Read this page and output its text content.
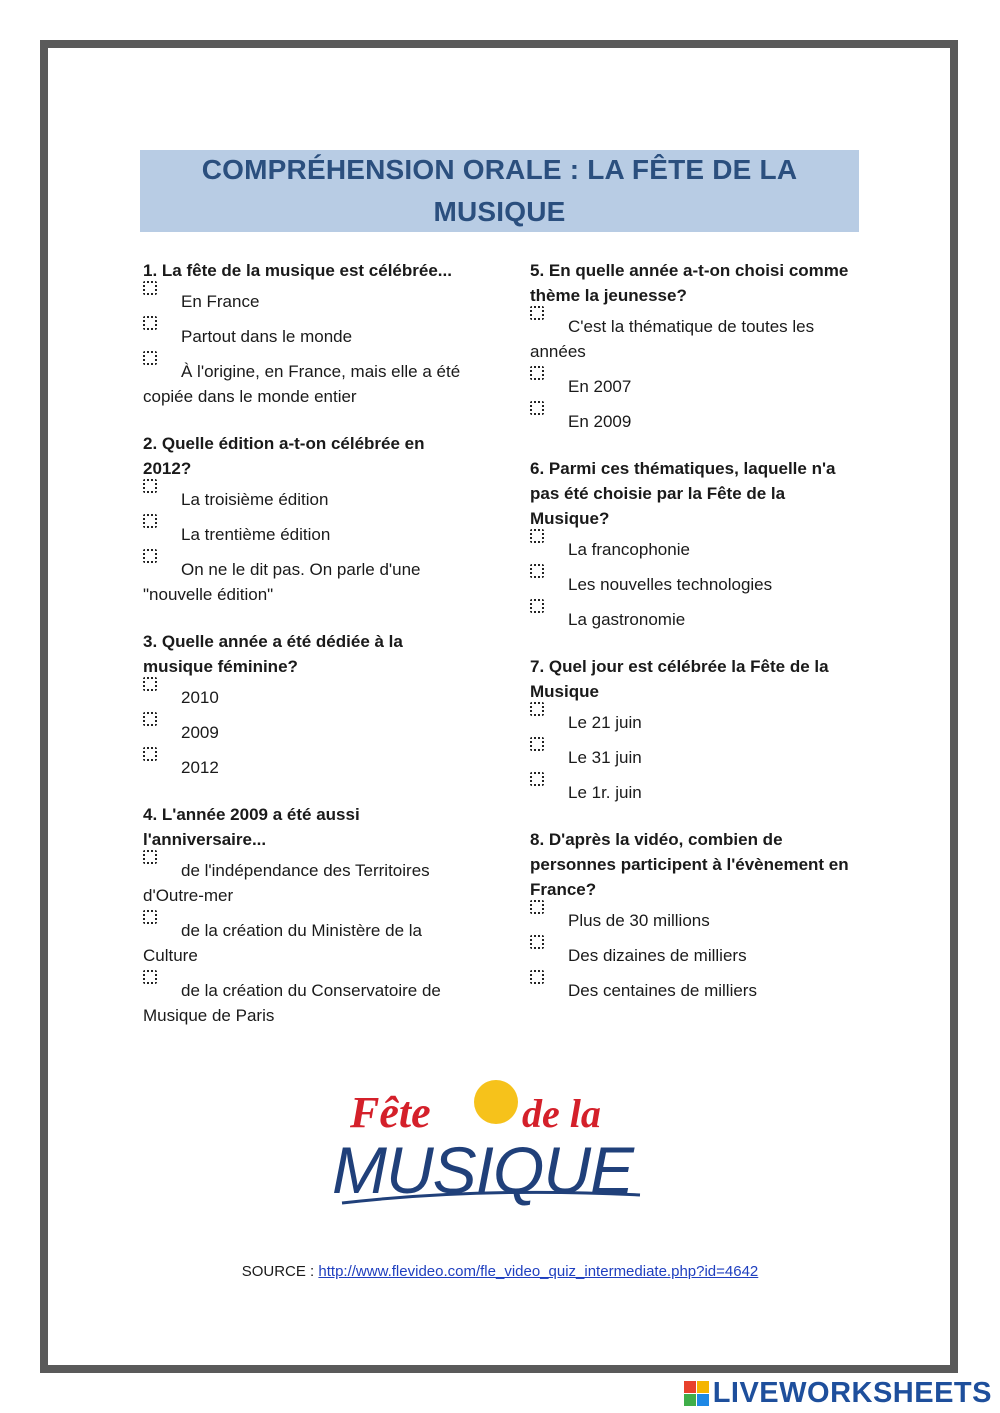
COMPRÉHENSION ORALE : LA FÊTE DE LA MUSIQUE

1. La fête de la musique est célébrée...

En France
Partout dans le monde
À l'origine, en France, mais elle a été copiée dans le monde entier

2. Quelle édition a-t-on célébrée en 2012?

La troisième édition
La trentième édition
On ne le dit pas. On parle d'une "nouvelle édition"

3. Quelle année a été dédiée à la musique féminine?

2010
2009
2012

4. L'année 2009 a été aussi l'anniversaire...

de l'indépendance des Territoires d'Outre-mer
de la création du Ministère de la Culture
de la création du Conservatoire de Musique de Paris

5. En quelle année a-t-on choisi comme thème la jeunesse?

C'est la thématique de toutes les années
En 2007
En 2009

6. Parmi ces thématiques, laquelle n'a pas été choisie par la Fête de la Musique?

La francophonie
Les nouvelles technologies
La gastronomie

7. Quel jour est célébrée la Fête de la Musique

Le 21 juin
Le 31 juin
Le 1r. juin

8. D'après la vidéo, combien de personnes participent à l'évènement en France?

Plus de 30 millions
Des dizaines de milliers
Des centaines de milliers
Fête de la
MUSIQUE
SOURCE : http://www.flevideo.com/fle_video_quiz_intermediate.php?id=4642
LIVEWORKSHEETS
